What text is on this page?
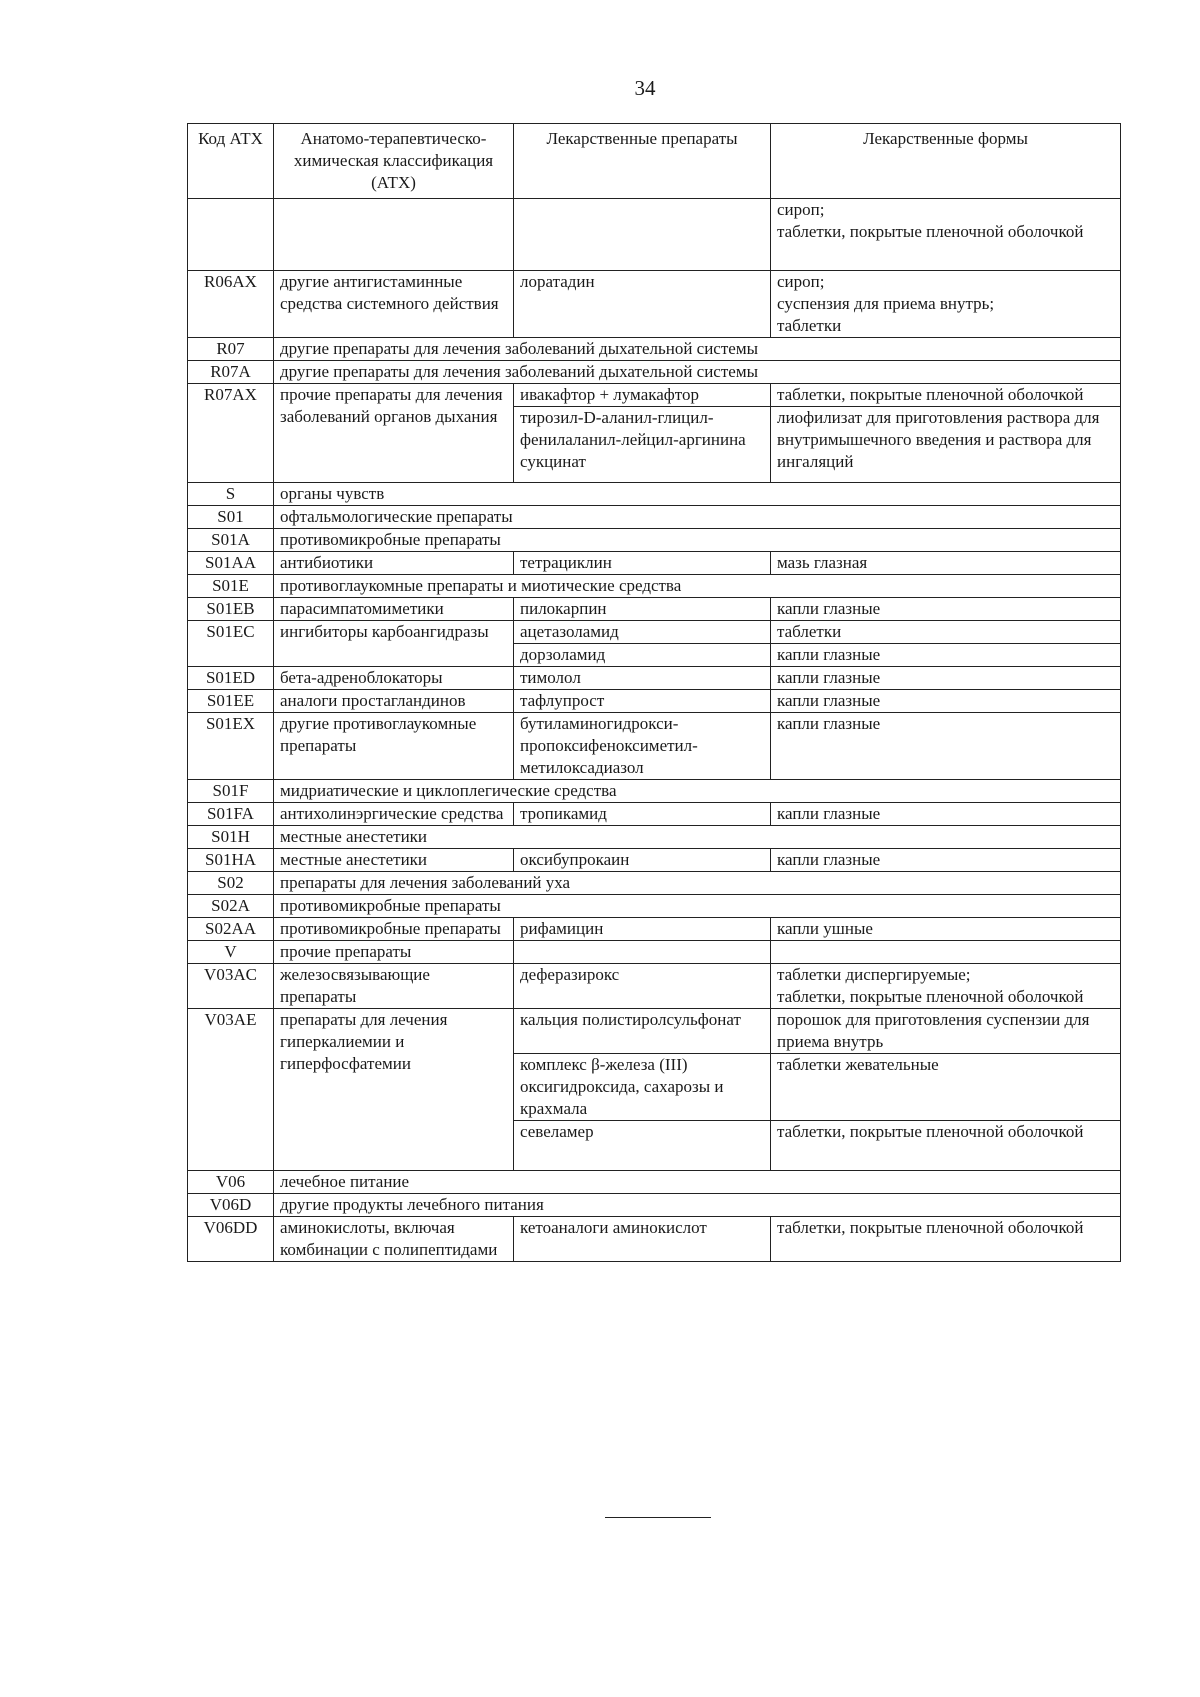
34
Код АТХ	Анатомо-терапевтическо-химическая классификация (АТХ)	Лекарственные препараты	Лекарственные формы
			сироп;
таблетки, покрытые пленочной оболочкой
R06AX	другие антигистаминные средства системного действия	лоратадин	сироп;
суспензия для приема внутрь;
таблетки
R07	другие препараты для лечения заболеваний дыхательной системы		
R07A	другие препараты для лечения заболеваний дыхательной системы		
R07AX	прочие препараты для лечения заболеваний органов дыхания	ивакафтор + лумакафтор	таблетки, покрытые пленочной оболочкой
		тирозил-D-аланил-глицил-фенилаланил-лейцил-аргинина сукцинат	лиофилизат для приготовления раствора для внутримышечного введения и раствора для ингаляций
S	органы чувств		
S01	офтальмологические препараты		
S01A	противомикробные препараты		
S01AA	антибиотики	тетрациклин	мазь глазная
S01E	противоглаукомные препараты и миотические средства		
S01EB	парасимпатомиметики	пилокарпин	капли глазные
S01EC	ингибиторы карбоангидразы	ацетазоламид	таблетки
		дорзоламид	капли глазные
S01ED	бета-адреноблокаторы	тимолол	капли глазные
S01EE	аналоги простагландинов	тафлупрост	капли глазные
S01EX	другие противоглаукомные препараты	бутиламиногидрокси-пропоксифеноксиметил-метилоксадиазол	капли глазные
S01F	мидриатические и циклоплегические средства		
S01FA	антихолинэргические средства	тропикамид	капли глазные
S01H	местные анестетики		
S01HA	местные анестетики	оксибупрокаин	капли глазные
S02	препараты для лечения заболеваний уха		
S02A	противомикробные препараты		
S02AA	противомикробные препараты	рифамицин	капли ушные
V	прочие препараты		
V03AC	железосвязывающие препараты	деферазирокс	таблетки диспергируемые;
таблетки, покрытые пленочной оболочкой
V03AE	препараты для лечения гиперкалиемии и гиперфосфатемии	кальция полистиролсульфонат	порошок для приготовления суспензии для приема внутрь
		комплекс β-железа (III) оксигидроксида, сахарозы и крахмала	таблетки жевательные
		севеламер	таблетки, покрытые пленочной оболочкой
V06	лечебное питание		
V06D	другие продукты лечебного питания		
V06DD	аминокислоты, включая комбинации с полипептидами	кетоаналоги аминокислот	таблетки, покрытые пленочной оболочкой
